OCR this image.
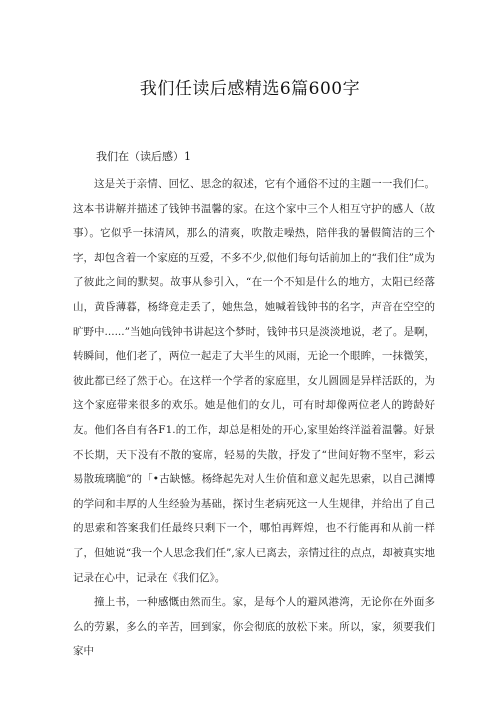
我们任读后感精选6篇600字
我们在（读后感）1

这是关于亲情、回忆、思念的叙述，它有个通俗不过的主题一一我们仁。这本书讲解并描述了钱钟书温馨的家。在这个家中三个人相互守护的感人（故事）。它似乎一抹清风，那么的清爽，吹散走噪热，陪伴我的暑假简洁的三个字，却包含着一个家庭的互爱，不多不少,似他们每句话前加上的“我们住”成为了彼此之间的默契。故事从参引入，“在一个不知是什么的地方，太阳已经落山，黄昏薄暮，杨绛竟走丢了，她焦急，她喊着钱钟书的名字，声音在空空的旷野中......”当她向钱钟书讲起这个梦时，钱钟书只是淡淡地说，老了。是啊，转瞬间，他们老了，两位一起走了大半生的风雨，无论一个眼眸，一抹微笑，彼此都已经了然于心。在这样一个学者的家庭里，女儿圆圆是异样活跃的，为这个家庭带来很多的欢乐。她是他们的女儿，可有时却像两位老人的跨龄好友。他们各自有各F1.的工作，却总是相处的开心,家里始终洋溢着温馨。好景不长期，天下没有不散的宴席，轻易的失散，抒发了“世间好物不坚牢，彩云易散琉璃脆”的「•古缺憾。杨绛起先对人生价值和意义起先思索，以自己渊博的学问和丰厚的人生经验为基础，探讨生老病死这一人生规律，并给出了自己的思索和答案我们任最终只剩下一个，哪怕再辉煌，也不行能再和从前一样了，但她说“我一个人思念我们任”,家人已离去，亲情过往的点点，却被真实地记录在心中，记录在《我们亿》。

撞上书，一种感慨由然而生。家，是每个人的避风港湾，无论你在外面多么的劳累，多么的辛苦，回到家，你会彻底的放松下来。所以，家，须要我们家中
